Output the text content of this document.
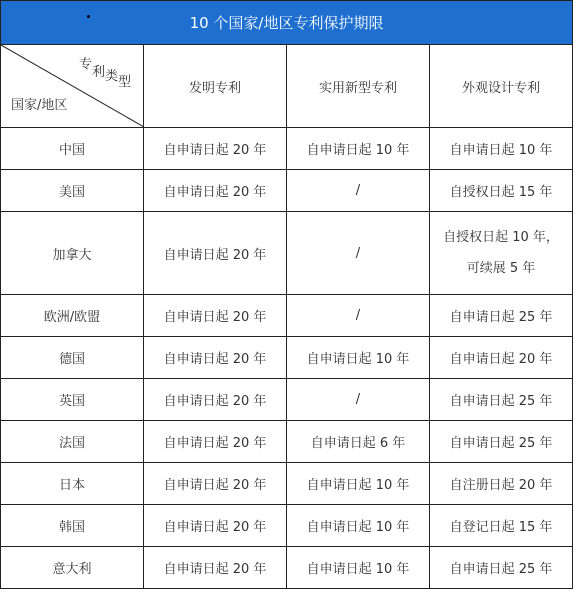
10 个国家/地区专利保护期限			

专利类型
国家/地区	发明专利	实用新型专利	外观设计专利
中国	自申请日起 20 年	自申请日起 10 年	自申请日起 10 年
美国	自申请日起 20 年	/	自授权日起 15 年
加拿大	自申请日起 20 年	/	自授权日起 10 年，
可续展 5 年

欧洲/欧盟	自申请日起 20 年	/	自申请日起 25 年
德国	自申请日起 20 年	自申请日起 10 年	自申请日起 20 年
英国	自申请日起 20 年	/	自申请日起 25 年
法国	自申请日起 20 年	自申请日起 6 年	自申请日起 25 年
日本	自申请日起 20 年	自申请日起 10 年	自注册日起 20 年
韩国	自申请日起 20 年	自申请日起 10 年	自登记日起 15 年
意大利	自申请日起 20 年	自申请日起 10 年	自申请日起 25 年
